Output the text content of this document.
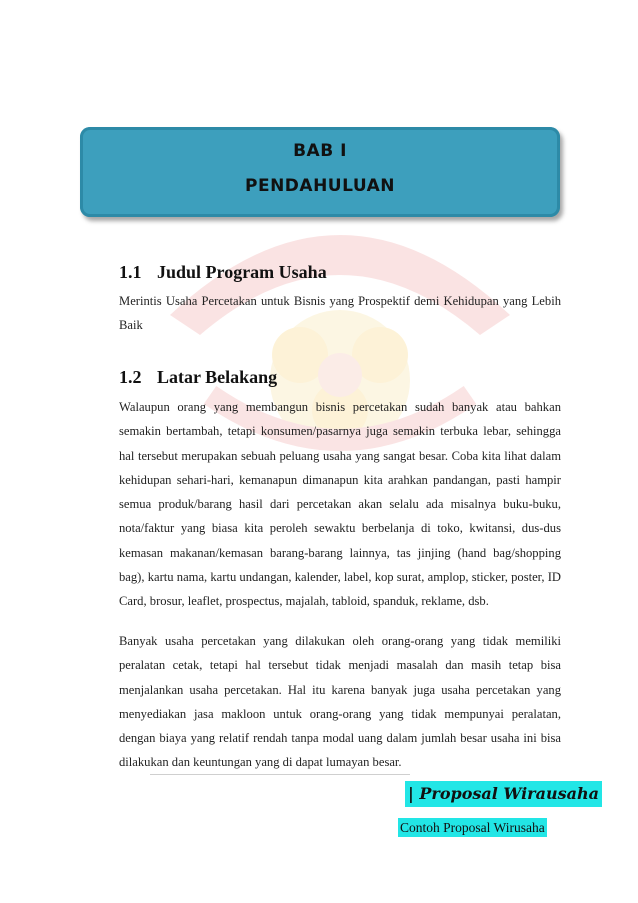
BAB I
PENDAHULUAN
1.1 Judul Program Usaha
Merintis Usaha Percetakan untuk Bisnis yang Prospektif demi Kehidupan yang Lebih Baik
1.2 Latar Belakang
Walaupun orang yang membangun bisnis percetakan sudah banyak atau bahkan semakin bertambah, tetapi konsumen/pasarnya juga semakin terbuka lebar, sehingga hal tersebut merupakan sebuah peluang usaha yang sangat besar. Coba kita lihat dalam kehidupan sehari-hari, kemanapun dimanapun kita arahkan pandangan, pasti hampir semua produk/barang hasil dari percetakan akan selalu ada misalnya buku-buku, nota/faktur yang biasa kita peroleh sewaktu berbelanja di toko, kwitansi, dus-dus kemasan makanan/kemasan barang-barang lainnya, tas jinjing (hand bag/shopping bag), kartu nama, kartu undangan, kalender, label, kop surat, amplop, sticker, poster, ID Card, brosur, leaflet, prospectus, majalah, tabloid, spanduk, reklame, dsb.
Banyak usaha percetakan yang dilakukan oleh orang-orang yang tidak memiliki peralatan cetak, tetapi hal tersebut tidak menjadi masalah dan masih tetap bisa menjalankan usaha percetakan. Hal itu karena banyak juga usaha percetakan yang menyediakan jasa makloon untuk orang-orang yang tidak mempunyai peralatan, dengan biaya yang relatif rendah tanpa modal uang dalam jumlah besar usaha ini bisa dilakukan dan keuntungan yang di dapat lumayan besar.
| Proposal Wirausaha
Contoh Proposal Wirusaha
